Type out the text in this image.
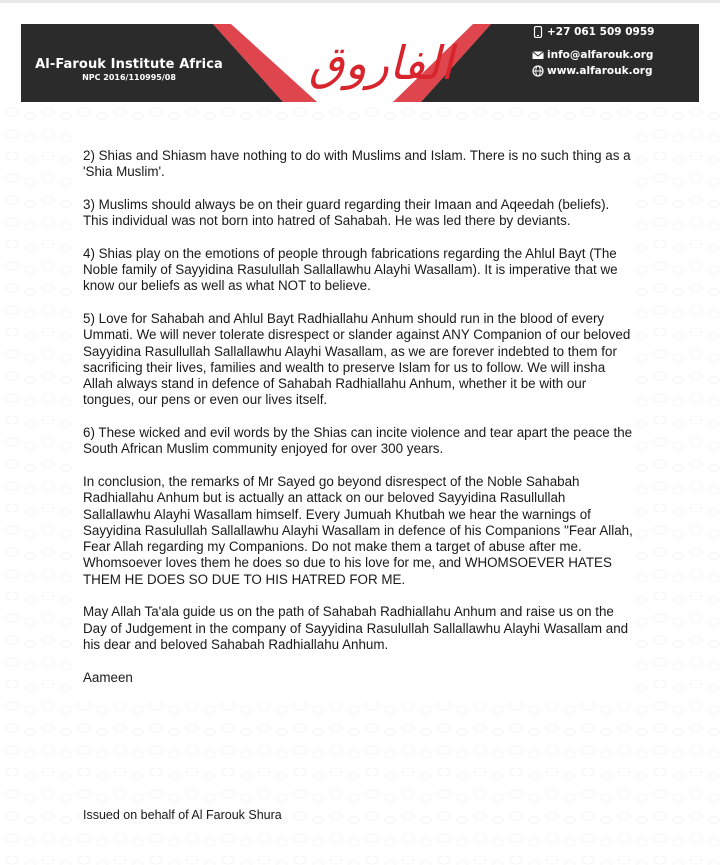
الفاروق
Al-Farouk Institute Africa
NPC 2016/110995/08
+27 061 509 0959
info@alfarouk.org
www.alfarouk.org

2) Shias and Shiasm have nothing to do with Muslims and Islam. There is no such thing as a 'Shia Muslim'.

3) Muslims should always be on their guard regarding their Imaan and Aqeedah (beliefs). This individual was not born into hatred of Sahabah. He was led there by deviants.

4) Shias play on the emotions of people through fabrications regarding the Ahlul Bayt (The Noble family of Sayyidina Rasulullah Sallallawhu Alayhi Wasallam). It is imperative that we know our beliefs as well as what NOT to believe.

5) Love for Sahabah and Ahlul Bayt Radhiallahu Anhum should run in the blood of every Ummati. We will never tolerate disrespect or slander against ANY Companion of our beloved Sayyidina Rasullullah Sallallawhu Alayhi Wasallam, as we are forever indebted to them for sacrificing their lives, families and wealth to preserve Islam for us to follow. We will insha Allah always stand in defence of Sahabah Radhiallahu Anhum, whether it be with our tongues, our pens or even our lives itself.

6) These wicked and evil words by the Shias can incite violence and tear apart the peace the South African Muslim community enjoyed for over 300 years.

In conclusion, the remarks of Mr Sayed go beyond disrespect of the Noble Sahabah Radhiallahu Anhum but is actually an attack on our beloved Sayyidina Rasullullah Sallallawhu Alayhi Wasallam himself. Every Jumuah Khutbah we hear the warnings of Sayyidina Rasulullah Sallallawhu Alayhi Wasallam in defence of his Companions "Fear Allah, Fear Allah regarding my Companions. Do not make them a target of abuse after me. Whomsoever loves them he does so due to his love for me, and WHOMSOEVER HATES THEM HE DOES SO DUE TO HIS HATRED FOR ME.

May Allah Ta'ala guide us on the path of Sahabah Radhiallahu Anhum and raise us on the Day of Judgement in the company of Sayyidina Rasulullah Sallallawhu Alayhi Wasallam and his dear and beloved Sahabah Radhiallahu Anhum.

Aameen

Issued on behalf of Al Farouk Shura
